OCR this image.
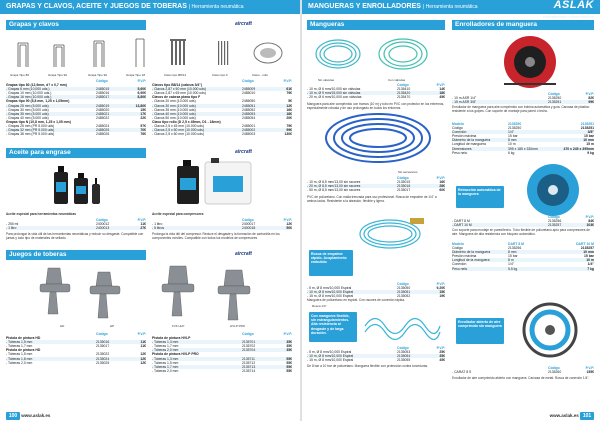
GRAPAS Y CLAVOS, ACEITE Y JUEGOS DE TOBERAS | Herramienta neumática	MANGUERAS Y ENROLLADORES | Herramienta neumática	ASLAK
COMPRESORES Y HERRAMIENTAS
Grapas y clavos	aircraft
Grapa Tipo 80	Grapa Tipo 90	Grapa Tipo 90	Grapa Tipo 18	Clavo tipo B8/14	Clavo tipo F	Clavo - rollo
Código	P.V.P.
Grapas tipo 80 (12,9mm, d? x 0,7 mm)
- Grapas 6 mm (10.000 uds.)	2485015	5,60€
- Grapas 10 mm (10.000 uds.)	2485016	6,90€
- Grapas 16 mm (10.000 uds.)	2485017	8,80€
Grapas tipo 90 (5,8 mm, 1,25 x 1,05mm)
- Grapas 25 mm (5.000 uds)	2485019	13,80€
- Grapas 30 mm (5.000 uds)	2485020	15€
- Grapas 35 mm (5.000 uds)	2485021	17€
- Grapas 40 mm (5.000 uds)	2485022	22€
Grapas tipo N (10,8 mm, 1,25 x 1,05 mm)
- Grapas 25 mm (PR 5.000 uds)	2485024	57€
- Grapas 32 mm (PR 5.000 uds)	2485025	70€
- Grapas 38 mm (PR 5.000 uds)	2485026	76€
Código	P.V.P.
Clavos tipo B8/14 (cabeza 3/4")
- Clavos 2,87 x 50 mm (10.000 uds)	2485009	61€
- Clavos 2,87 x 65 mm (10.000 uds)	2485010	79€
Clavos de cabeza plana tipo F
- Clavos 20 mm (10.000 uds)	2485050	5€
- Clavos 30 mm (10.000 uds)	2485051	12€
- Clavos 35 mm (10.000 uds)	2485052	16€
- Clavos 40 mm (10.000 uds)	2485053	18€
- Clavos 50 mm (10.000 uds)	2485054	20€
Clavo tipo rollo (D 2,5 x 45mm, D1 - 18mm)
- Clavos 2,5 x 45 mm (10.000 uds)	2485001	79€
- Clavos 2,5 x 50 mm (10.000 uds)	2485002	99€
- Clavos 2,5 x 60 mm (10.000 uds)	2485003	130€
Aceite para engrase	aircraft
Aceite especial para herramientas neumáticas
Código	P.V.P.
- 250 ml	2400012	11€
- 1 litro	2400013	27€
Para prolongar la vida útil de las herramientas neumáticas y reducir su desgaste. Compatible con juntas y todo tipo de materiales de sellado.
Aceite especial para compresores
Código	P.V.P.
- 1 litro	2400017	12€
- 5 litros	2400018	50€
Prolonga la vida útil del compresor. Reduce el desgaste y la formación de carbonilla en los componentes móviles. Compatible con todos los modelos de compresores.
Juegos de toberas	aircraft
HD	HP	FVF HLP	HVLP PRO
Código	P.V.P.
Pistola de pintura HD
- Toberas 1,5 mm	2135016	11€
- Toberas 1,7 mm	2135017	11€
Pistola de pintura HD
- Toberas 1,5 mm	2135022	12€
- Toberas 1,8 mm	2135024	12€
- Toberas 2,0 mm	2135025	12€
Código	P.V.P.
Pistola de pintura HVLP
- Toberas 1,3 mm	2135701	35€
- Toberas 1,7 mm	2135702	35€
- Toberas 2,0 mm	2135704	35€
Pistola de pintura HVLP PRO
- Toberas 1,3 mm	2135711	55€
- Toberas 1,5 mm	2135712	55€
- Toberas 1,7 mm	2135713	55€
- Toberas 2,0 mm	2135714	55€
100 www.aslak.es
Mangueras
Sin válvulas	Con válvulas
Código	P.V.P.
- 10 m, Ø 6 mm/10,000 sin válvulas	2135410	14€
- 10 m, Ø 9 mm/15,000 sin válvulas	2135420	18€
- 20 m, Ø 6 mm/10,000 con válvulas	2135470	45€
Manguera para aire comprimido con tramos (10 m) y tubo en PVC con protector en los extremos, especialmente robusta y de uso prolongado en todos los entornos.
Sin accesorios
Código	P.V.P.
- 10 m, Ø 8,5 mm/13,00 sin racores	2135015	16€
- 20 m, Ø 8,5 mm/13,00 sin racores	2135016	28€
- 50 m, Ø 8,5 mm/13,00 sin racores	2135017	60€
PVC de poliuretano. Con malla trenzada para uso profesional. Rosca de empalme de 1/4" a ambos lados. Resistente a la abrasión, flexible y ligera.
Rosca de empalme rápido. Acoplamiento embutido
Código	P.V.P.
- 5 m, Ø 8 mm/10,000 Espiral	2135050	9,20€
- 10 m, Ø 8 mm/10,000 Espiral	2135051	15€
- 15 m, Ø 8 mm/10,000 Espiral	2135052	19€
Manguera de poliuretano en espiral. Con racores de conexión rápida.
Rosca 1/4"
Con manguera flexible, sin estrangulamientos. Alta resistencia al desgaste y de larga duración.
Código	P.V.P.
- 5 m, Ø 8 mm/10,000 Espiral	2135053	25€
- 10 m, Ø 8 mm/10,000 Espiral	2135054	35€
- 15 m, Ø 8 mm/10,000 Espiral	2135055	45€
De 8 bar a 10 bar de poliuretano. Manguera flexible con protección contra torceduras.
Enrolladores de manguera
Código	P.V.P.
- 10 m ASR 1/4"	2135250	82€
- 15 m ASR 3/8"	2135251	99€
Enrollador de manguera para aire comprimido con bobina automática y guía. Carcasa de plástico resistente a los golpes. Con soporte de montaje para pared o techo.
Modelo	2135250	2135251
Código	2135250	2135251
Conexión	1/4"	3/8"
Presión máxima	15 bar	15 bar
Diámetro de la manguera	8 mm	10 mm
Longitud de manguera	10 m	15 m
Dimensiones	395 x 185 x 330mm	470 x 245 x 395mm
Peso neto	6 kg	9 kg
Retracción automática de la manguera
Código	P.V.P.
- DART 8 M	2135256	84€
- DART 10 M	2135257	103€
Con soporte para montaje en pared/techo. Tubo flexible de poliuretano apto para compresores de aire. Manguera de alta resistencia con bloqueo automático.
Modelo	DART 8 M	DART 10 M
Código	2135256	2135257
Diámetro de la manguera	8 mm	10 mm
Presión máxima	15 bar	15 bar
Longitud de la manguera	8 m	10 m
Conexión	1/4"	1/4"
Peso neto	5,5 kg	7 kg
Enrollador abierto de aire comprimido sin manguera
Código	P.V.P.
- CARAT 8 S	2135260	155€
Enrollador de aire comprimido abierto con manguera. Carcasa de metal. Rosca de conexión 1/4".
www.aslak.es 101
